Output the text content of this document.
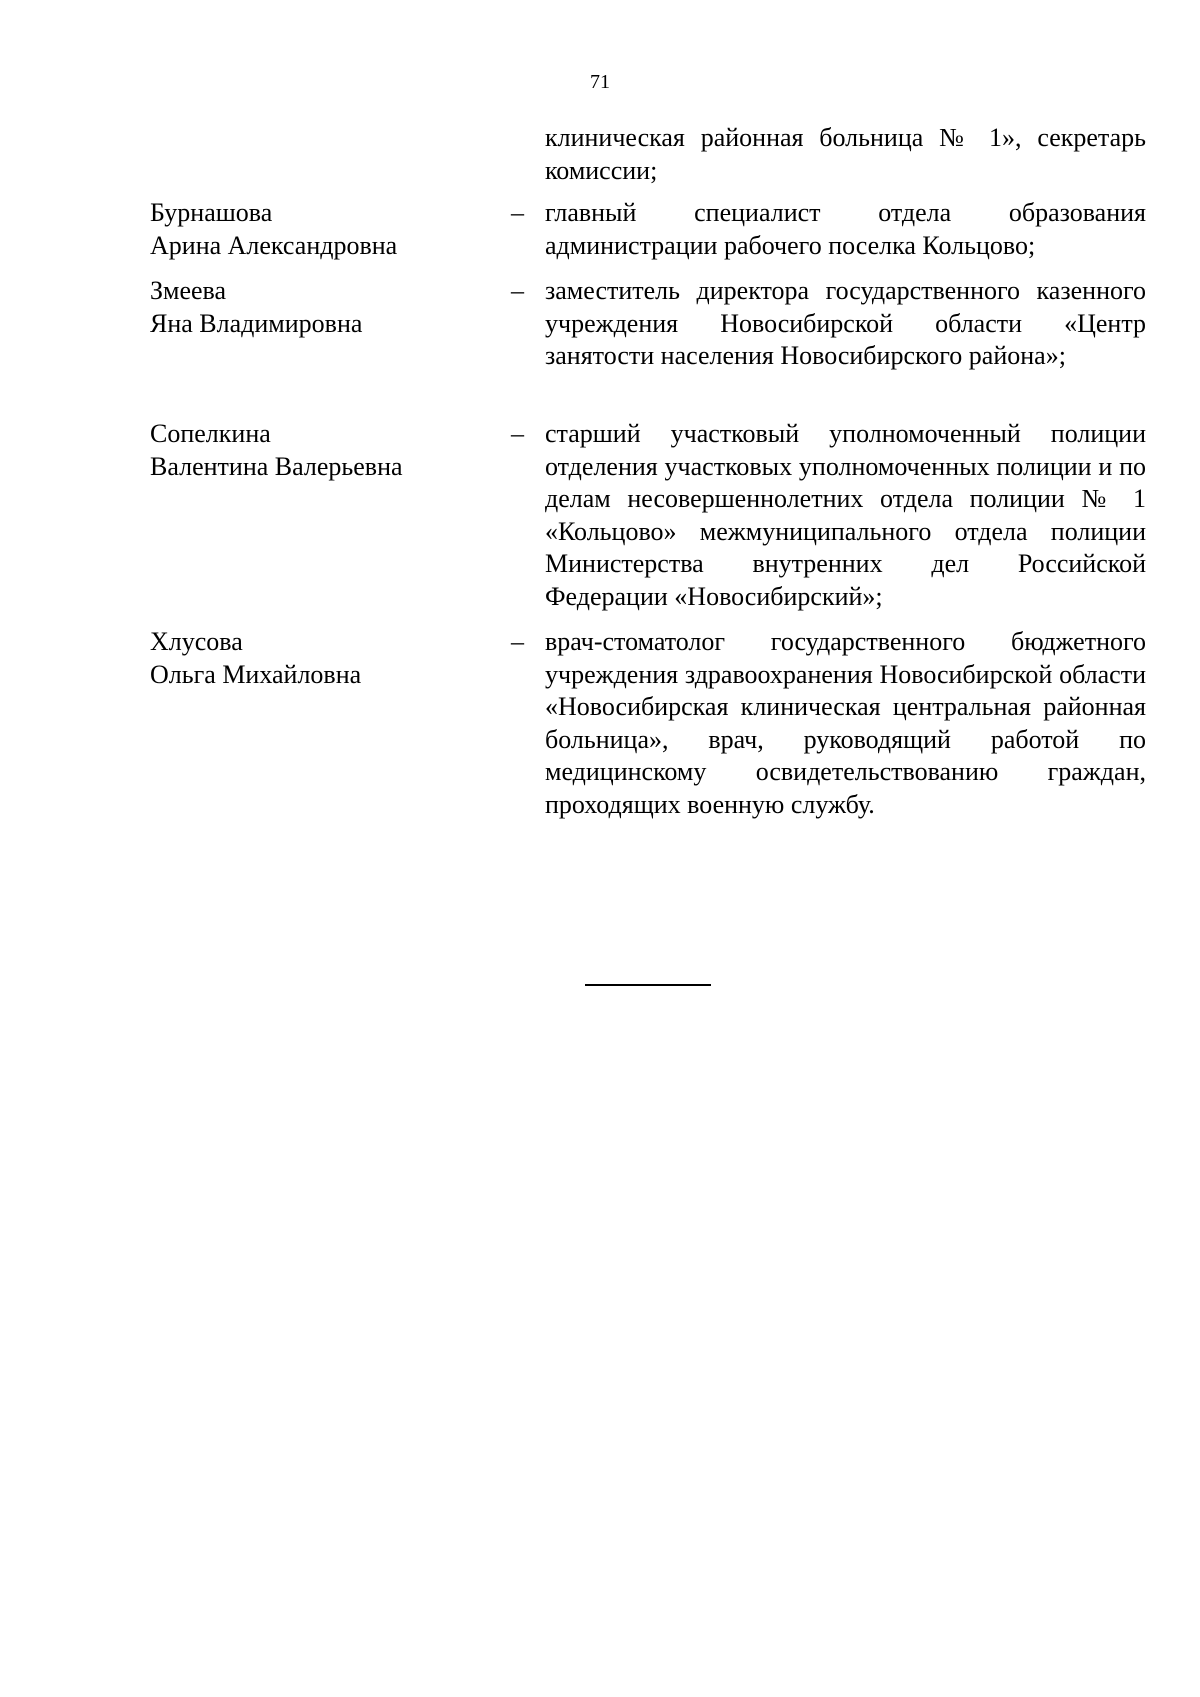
71
клиническая районная больница № 1», секретарь комиссии;
Бурнашова
Арина Александровна
– главный специалист отдела образования администрации рабочего поселка Кольцово;
Змеева
Яна Владимировна
– заместитель директора государственного казенного учреждения Новосибирской области «Центр занятости населения Новосибирского района»;
Сопелкина
Валентина Валерьевна
– старший участковый уполномоченный полиции отделения участковых уполномоченных полиции и по делам несовершеннолетних отдела полиции № 1 «Кольцово» межмуниципального отдела полиции Министерства внутренних дел Российской Федерации «Новосибирский»;
Хлусова
Ольга Михайловна
– врач-стоматолог государственного бюджетного учреждения здравоохранения Новосибирской области «Новосибирская клиническая центральная районная больница», врач, руководящий работой по медицинскому освидетельствованию граждан, проходящих военную службу.
